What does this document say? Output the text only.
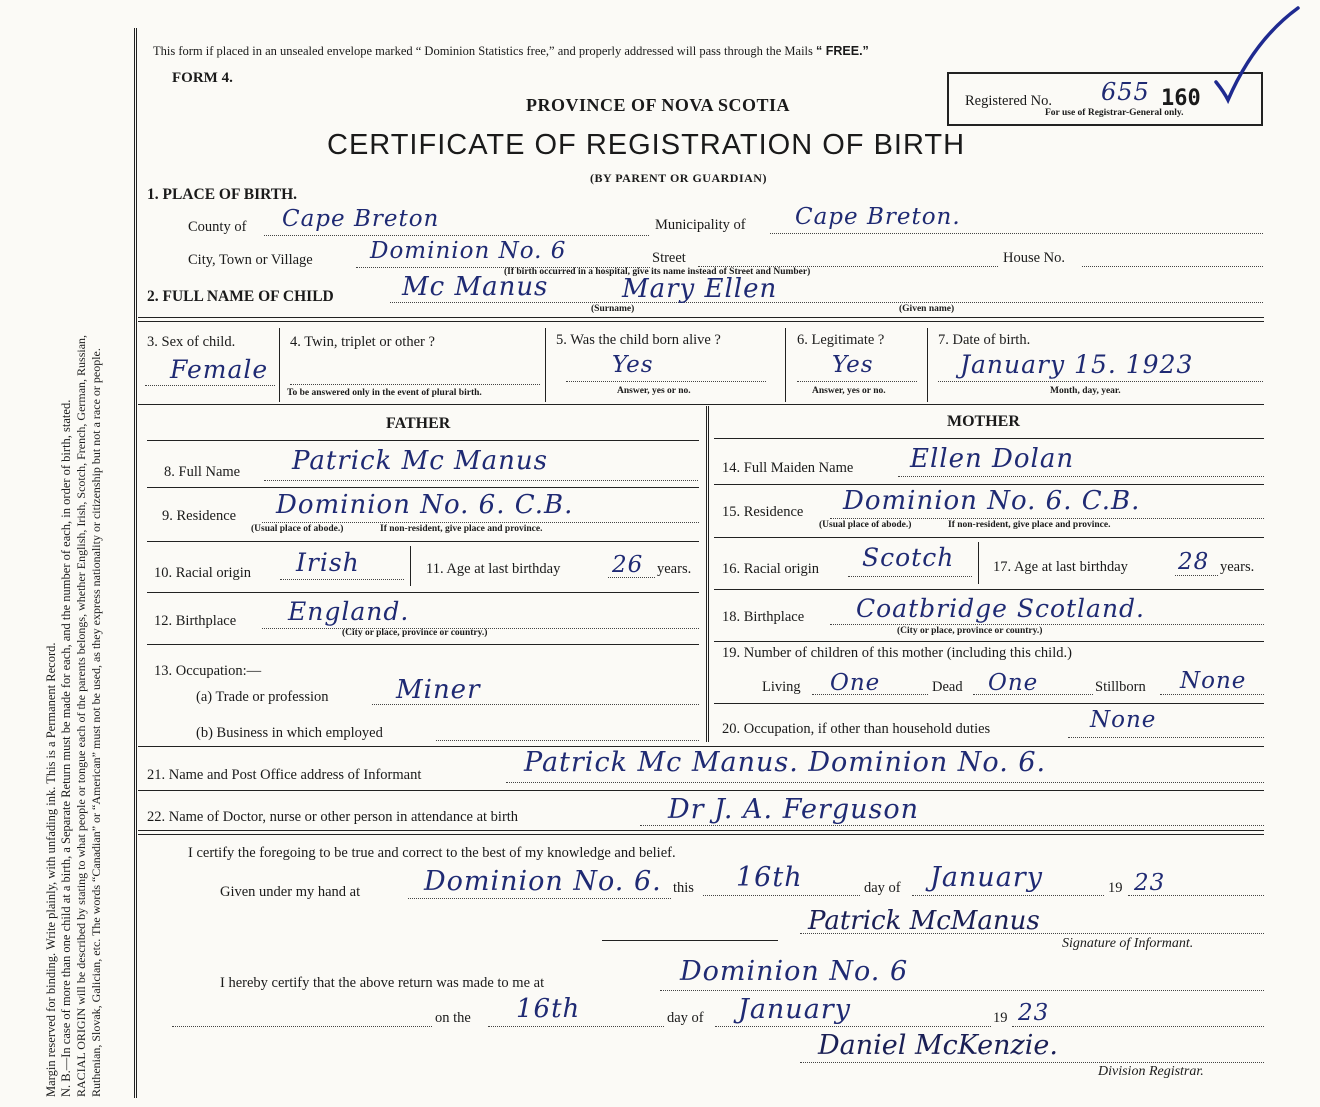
Margin reserved for binding. Write plainly, with unfading ink. This is a Permanent Record. N. B.—In case of more than one child at a birth, a Separate Return must be made for each, and the number of each, in order of birth, stated. RACIAL ORIGIN will be described by stating to what people or tongue each of the parents belongs, whether English, Irish, Scotch, French, German, Russian, Ruthenian, Slovak, Galician, etc. The words “Canadian” or “American” must not be used, as they express nationality or citizenship but not a race or people.
This form if placed in an unsealed envelope marked “ Dominion Statistics free,” and properly addressed will pass through the Mails “ FREE.”
FORM 4.
PROVINCE OF NOVA SCOTIA
CERTIFICATE OF REGISTRATION OF BIRTH
(BY PARENT OR GUARDIAN)
Registered No. 655 160
For use of Registrar-General only.
1. PLACE OF BIRTH.
County of Cape Breton	Municipality of Cape Breton.
City, Town or Village Dominion No. 6	Street	House No.
(If birth occurred in a hospital, give its name instead of Street and Number)
2. FULL NAME OF CHILD	Mc Manus	Mary Ellen
(Surname)	(Given name)
3. Sex of child.
Female
4. Twin, triplet or other ?
To be answered only in the event of plural birth.
5. Was the child born alive ?
Yes
Answer, yes or no.
6. Legitimate ?
Yes
Answer, yes or no.
7. Date of birth.
January 15. 1923
Month, day, year.
FATHER	MOTHER
8. Full Name Patrick Mc Manus	14. Full Maiden Name Ellen Dolan
9. Residence Dominion No. 6. C.B.
(Usual place of abode.)	If non-resident, give place and province.
15. Residence Dominion No. 6. C.B.
(Usual place of abode.)	If non-resident, give place and province.
10. Racial origin Irish	11. Age at last birthday 26 years. 16. Racial origin Scotch	17. Age at last birthday 28 years.
12. Birthplace England.
(City or place, province or country.)
18. Birthplace Coatbridge Scotland.
(City or place, province or country.)
13. Occupation:—
(a) Trade or profession	Miner
(b) Business in which employed
19. Number of children of this mother (including this child.)
Living One	Dead One	Stillborn None
20. Occupation, if other than household duties	None
21. Name and Post Office address of Informant	Patrick Mc Manus. Dominion No. 6.
22. Name of Doctor, nurse or other person in attendance at birth	Dr J. A. Ferguson
I certify the foregoing to be true and correct to the best of my knowledge and belief.
Given under my hand at Dominion No. 6. this 16th	day of January	19 23
Patrick McManus
Signature of Informant.
I hereby certify that the above return was made to me at	Dominion No. 6
on the 16th	day of January	19 23
Daniel McKenzie.
Division Registrar.
